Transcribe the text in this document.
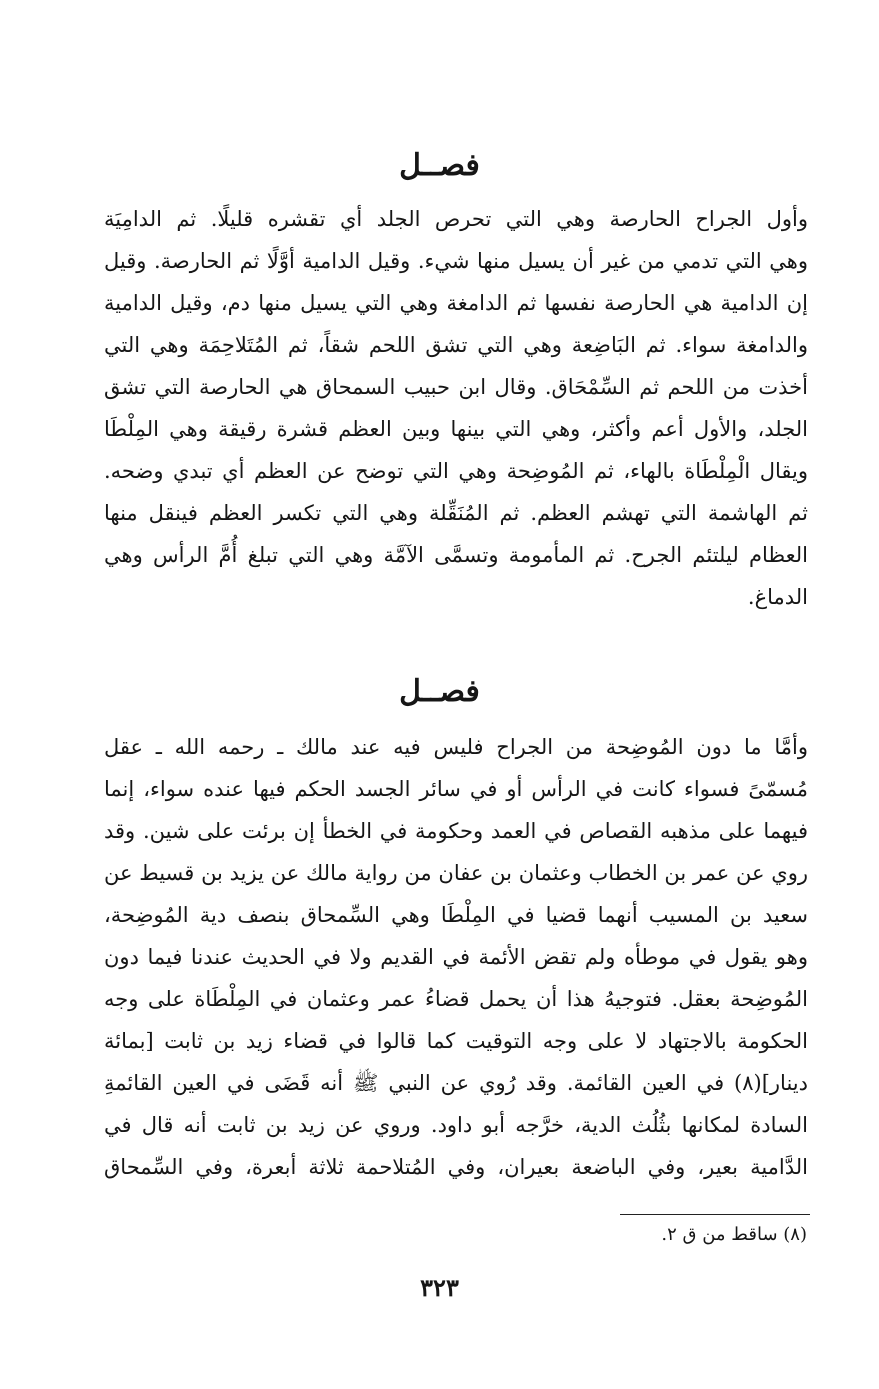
فصــل
وأول الجراح الحارصة وهي التي تحرص الجلد أي تقشره قليلًا. ثم الدامِيَة
وهي التي تدمي من غير أن يسيل منها شيء. وقيل الدامية أوَّلًا ثم الحارصة. وقيل
إن الدامية هي الحارصة نفسها ثم الدامغة وهي التي يسيل منها دم، وقيل الدامية
والدامغة سواء. ثم البَاضِعة وهي التي تشق اللحم شقاً، ثم المُتَلاحِمَة وهي التي
أخذت من اللحم ثم السِّمْحَاق. وقال ابن حبيب السمحاق هي الحارصة التي تشق
الجلد، والأول أعم وأكثر، وهي التي بينها وبين العظم قشرة رقيقة وهي المِلْطَا
ويقال الْمِلْطَاة بالهاء، ثم المُوضِحة وهي التي توضح عن العظم أي تبدي وضحه.
ثم الهاشمة التي تهشم العظم. ثم المُنَقِّلة وهي التي تكسر العظم فينقل منها
العظام ليلتئم الجرح. ثم المأمومة وتسمَّى الآمَّة وهي التي تبلغ أُمَّ الرأس وهي
الدماغ.
فصــل
وأمَّا ما دون المُوضِحة من الجراح فليس فيه عند مالك ـ رحمه الله ـ عقل
مُسمّىً فسواء كانت في الرأس أو في سائر الجسد الحكم فيها عنده سواء، إنما
فيهما على مذهبه القصاص في العمد وحكومة في الخطأ إن برئت على شين. وقد
روي عن عمر بن الخطاب وعثمان بن عفان من رواية مالك عن يزيد بن قسيط عن
سعيد بن المسيب أنهما قضيا في المِلْطَا وهي السِّمحاق بنصف دية المُوضِحة،
وهو يقول في موطأه ولم تقض الأئمة في القديم ولا في الحديث عندنا فيما دون
المُوضِحة بعقل. فتوجيهُ هذا أن يحمل قضاءُ عمر وعثمان في المِلْطَاة على وجه
الحكومة بالاجتهاد لا على وجه التوقيت كما قالوا في قضاء زيد بن ثابت [بمائة
دينار](٨) في العين القائمة. وقد رُوي عن النبي ﷺ أنه قَضَى في العين القائمةِ
السادة لمكانها بثُلُث الدية، خرَّجه أبو داود. وروي عن زيد بن ثابت أنه قال في
الدَّامية بعير، وفي الباضعة بعيران، وفي المُتلاحمة ثلاثة أبعرة، وفي السِّمحاق
(٨) ساقط من ق ٢.
٣٢٣
